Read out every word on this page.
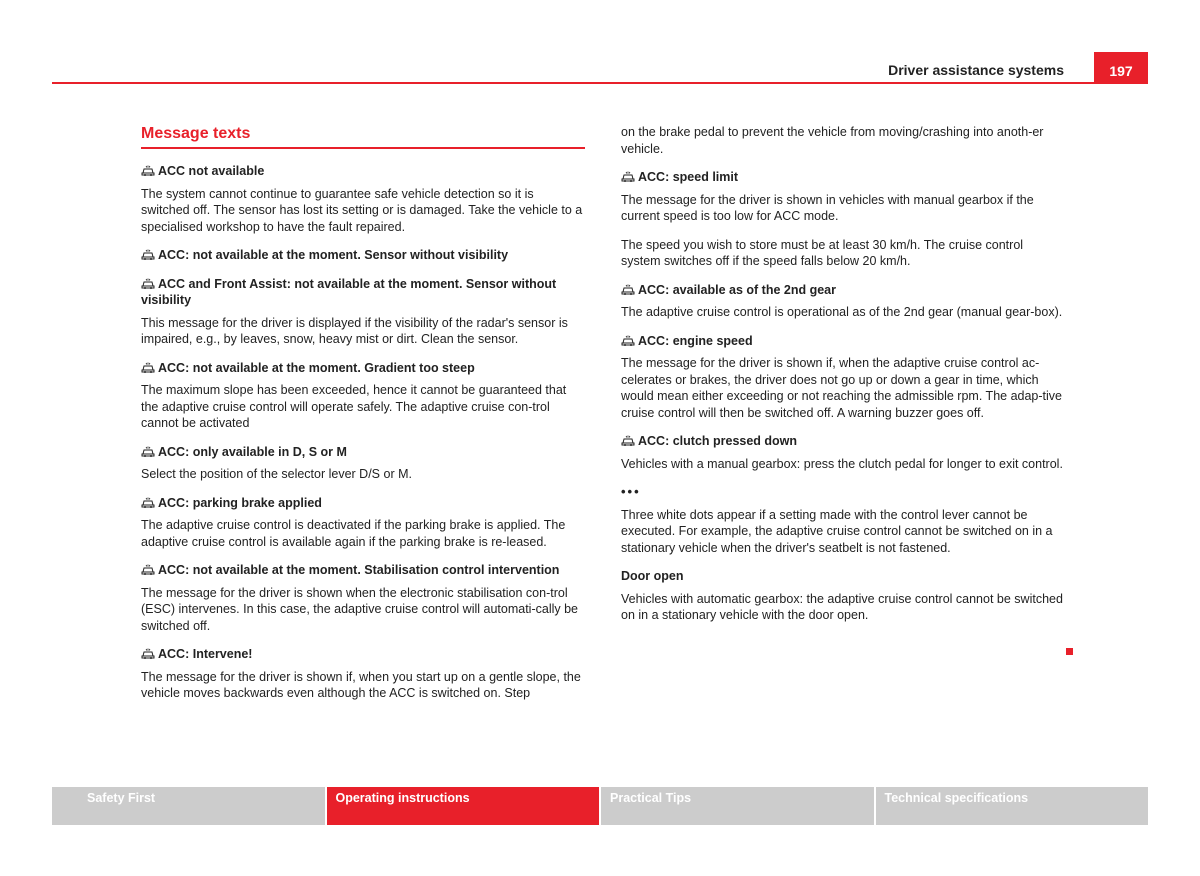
Driver assistance systems	197
Message texts
ACC not available
The system cannot continue to guarantee safe vehicle detection so it is switched off. The sensor has lost its setting or is damaged. Take the vehicle to a specialised workshop to have the fault repaired.
ACC: not available at the moment. Sensor without visibility
ACC and Front Assist: not available at the moment. Sensor without visibility
This message for the driver is displayed if the visibility of the radar's sensor is impaired, e.g., by leaves, snow, heavy mist or dirt. Clean the sensor.
ACC: not available at the moment. Gradient too steep
The maximum slope has been exceeded, hence it cannot be guaranteed that the adaptive cruise control will operate safely. The adaptive cruise con-trol cannot be activated
ACC: only available in D, S or M
Select the position of the selector lever D/S or M.
ACC: parking brake applied
The adaptive cruise control is deactivated if the parking brake is applied. The adaptive cruise control is available again if the parking brake is re-leased.
ACC: not available at the moment. Stabilisation control intervention
The message for the driver is shown when the electronic stabilisation con-trol (ESC) intervenes. In this case, the adaptive cruise control will automati-cally be switched off.
ACC: Intervene!
The message for the driver is shown if, when you start up on a gentle slope, the vehicle moves backwards even although the ACC is switched on. Step
on the brake pedal to prevent the vehicle from moving/crashing into anoth-er vehicle.
ACC: speed limit
The message for the driver is shown in vehicles with manual gearbox if the current speed is too low for ACC mode.
The speed you wish to store must be at least 30 km/h. The cruise control system switches off if the speed falls below 20 km/h.
ACC: available as of the 2nd gear
The adaptive cruise control is operational as of the 2nd gear (manual gear-box).
ACC: engine speed
The message for the driver is shown if, when the adaptive cruise control ac-celerates or brakes, the driver does not go up or down a gear in time, which would mean either exceeding or not reaching the admissible rpm. The adap-tive cruise control will then be switched off. A warning buzzer goes off.
ACC: clutch pressed down
Vehicles with a manual gearbox: press the clutch pedal for longer to exit control.
•••
Three white dots appear if a setting made with the control lever cannot be executed. For example, the adaptive cruise control cannot be switched on in a stationary vehicle when the driver's seatbelt is not fastened.
Door open
Vehicles with automatic gearbox: the adaptive cruise control cannot be switched on in a stationary vehicle with the door open.
Safety First	Operating instructions	Practical Tips	Technical specifications
